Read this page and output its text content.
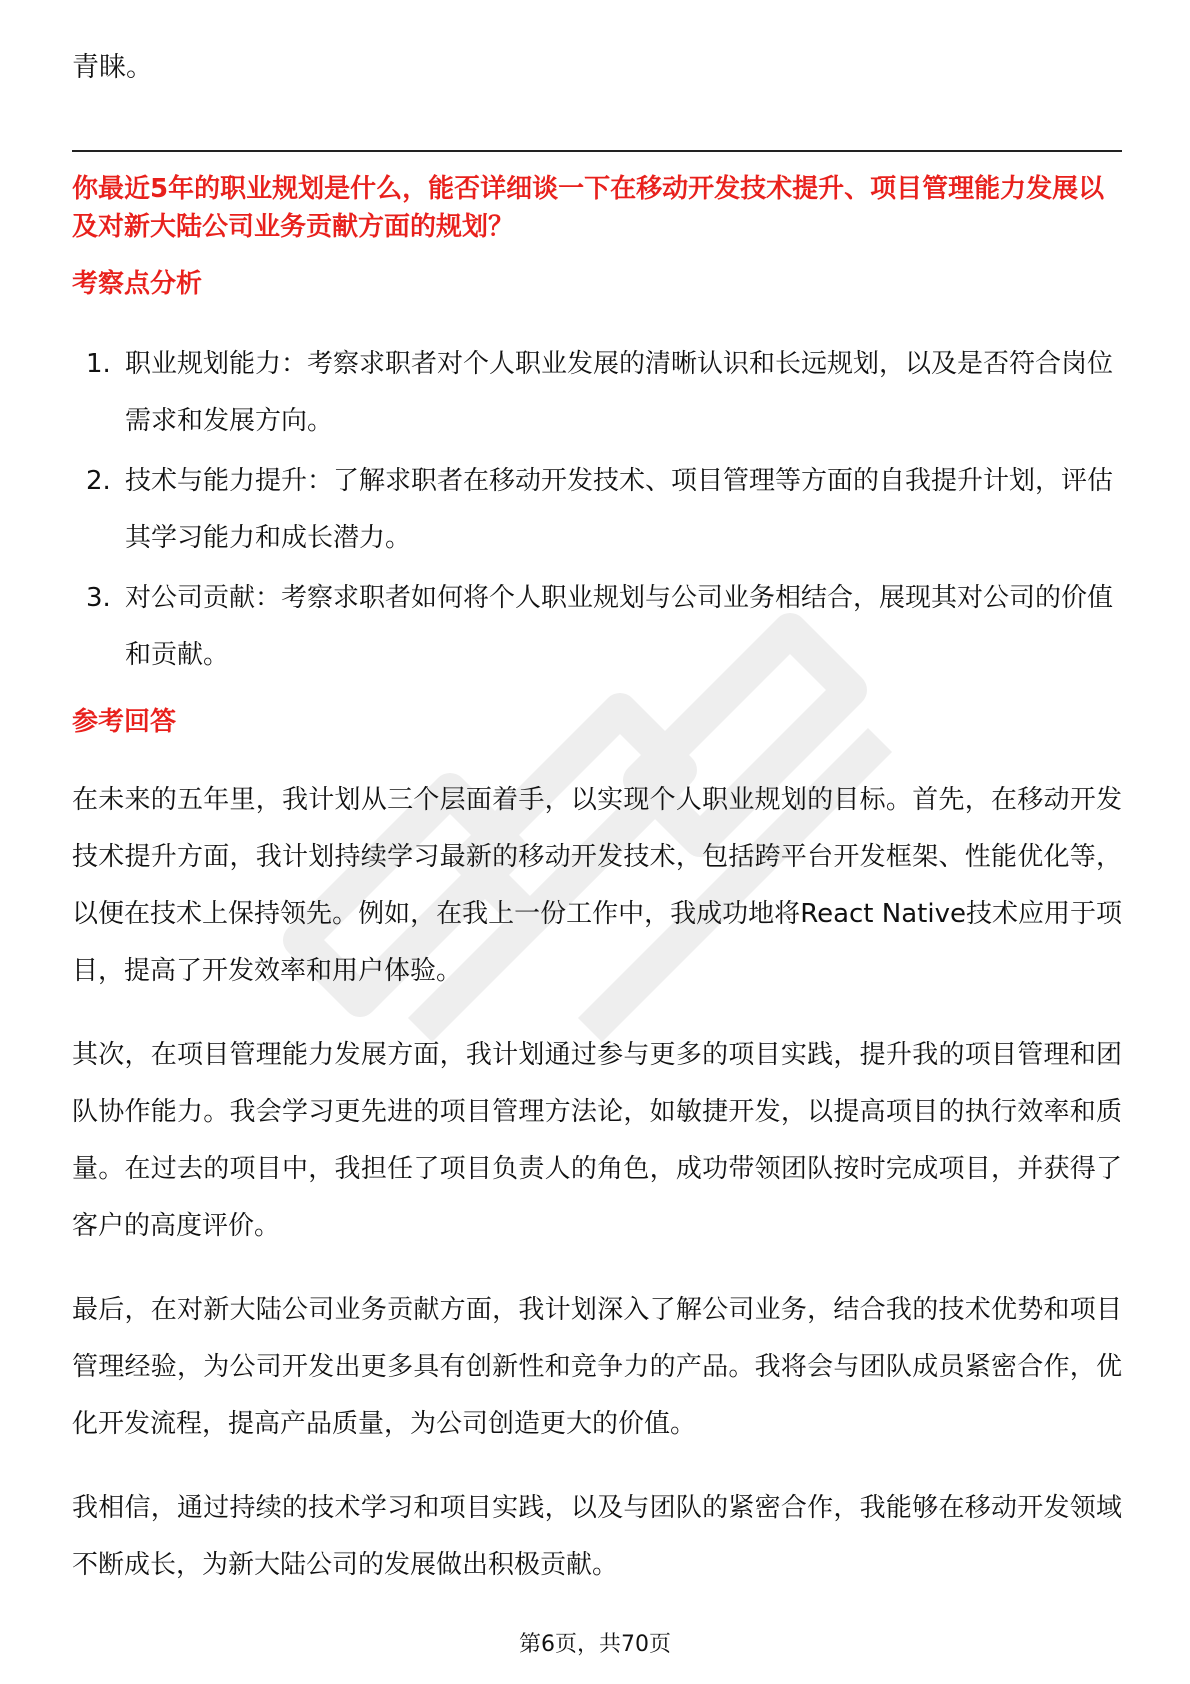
青睐。

你最近5年的职业规划是什么，能否详细谈一下在移动开发技术提升、项目管理能力发展以及对新大陆公司业务贡献方面的规划？
考察点分析
1. 职业规划能力：考察求职者对个人职业发展的清晰认识和长远规划，以及是否符合岗位需求和发展方向。
2. 技术与能力提升：了解求职者在移动开发技术、项目管理等方面的自我提升计划，评估其学习能力和成长潜力。
3. 对公司贡献：考察求职者如何将个人职业规划与公司业务相结合，展现其对公司的价值和贡献。
参考回答

在未来的五年里，我计划从三个层面着手，以实现个人职业规划的目标。首先，在移动开发技术提升方面，我计划持续学习最新的移动开发技术，包括跨平台开发框架、性能优化等，以便在技术上保持领先。例如，在我上一份工作中，我成功地将React Native技术应用于项目，提高了开发效率和用户体验。

其次，在项目管理能力发展方面，我计划通过参与更多的项目实践，提升我的项目管理和团队协作能力。我会学习更先进的项目管理方法论，如敏捷开发，以提高项目的执行效率和质量。在过去的项目中，我担任了项目负责人的角色，成功带领团队按时完成项目，并获得了客户的高度评价。

最后，在对新大陆公司业务贡献方面，我计划深入了解公司业务，结合我的技术优势和项目管理经验，为公司开发出更多具有创新性和竞争力的产品。我将会与团队成员紧密合作，优化开发流程，提高产品质量，为公司创造更大的价值。

我相信，通过持续的技术学习和项目实践，以及与团队的紧密合作，我能够在移动开发领域不断成长，为新大陆公司的发展做出积极贡献。

第6页，共70页
